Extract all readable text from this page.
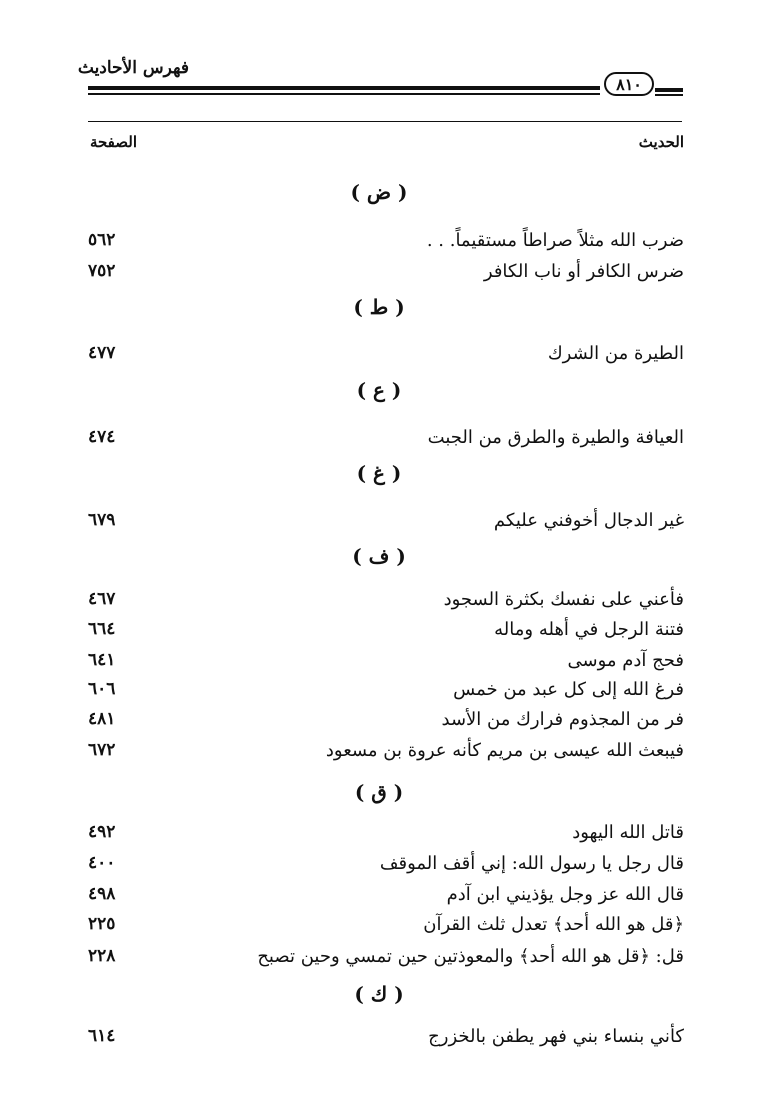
فهرس الأحاديث
٨١٠
الحديث
الصفحة
( ض )
ضرب الله مثلاً صراطاً مستقيماً. . .
٥٦٢
ضرس الكافر أو ناب الكافر
٧٥٢
( ط )
الطيرة من الشرك
٤٧٧
( ع )
العيافة والطيرة والطرق من الجبت
٤٧٤
( غ )
غير الدجال أخوفني عليكم
٦٧٩
( ف )
فأعني على نفسك بكثرة السجود
٤٦٧
فتنة الرجل في أهله وماله
٦٦٤
فحج آدم موسى
٦٤١
فرغ الله إلى كل عبد من خمس
٦٠٦
فر من المجذوم فرارك من الأسد
٤٨١
فيبعث الله عيسى بن مريم كأنه عروة بن مسعود
٦٧٢
( ق )
قاتل الله اليهود
٤٩٢
قال رجل يا رسول الله: إني أقف الموقف
٤٠٠
قال الله عز وجل يؤذيني ابن آدم
٤٩٨
﴿قل هو الله أحد﴾ تعدل ثلث القرآن
٢٢٥
قل: ﴿قل هو الله أحد﴾ والمعوذتين حين تمسي وحين تصبح
٢٢٨
( ك )
كأني بنساء بني فهر يطفن بالخزرج
٦١٤
